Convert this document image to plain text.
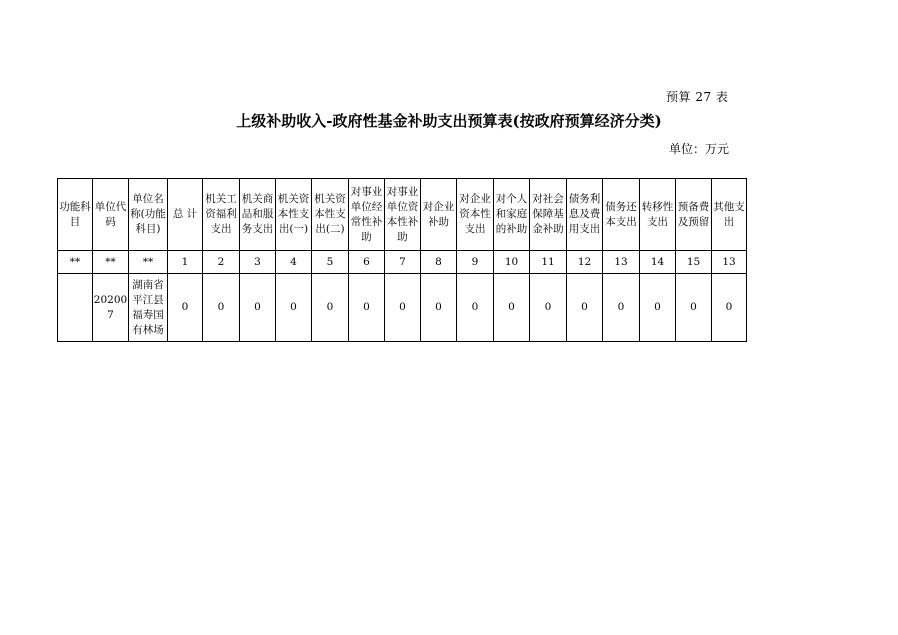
预算 27 表
上级补助收入-政府性基金补助支出预算表(按政府预算经济分类)
单位：万元
功能科目	单位代码	单位名称(功能科目)	总 计	机关工资福利支出	机关商品和服务支出	机关资本性支出(一)	机关资本性支出(二)	对事业单位经常性补助	对事业单位资本性补助	对企业补助	对企业资本性支出	对个人和家庭的补助	对社会保障基金补助	债务利息及费用支出	债务还本支出	转移性支出	预备费及预留	其他支出

**	**	**	1	2	3	4	5	6	7	8	9	10	11	12	13	14	15	13

	202007	湖南省平江县福寿国有林场	0	0	0	0	0	0	0	0	0	0	0	0	0	0	0	0
